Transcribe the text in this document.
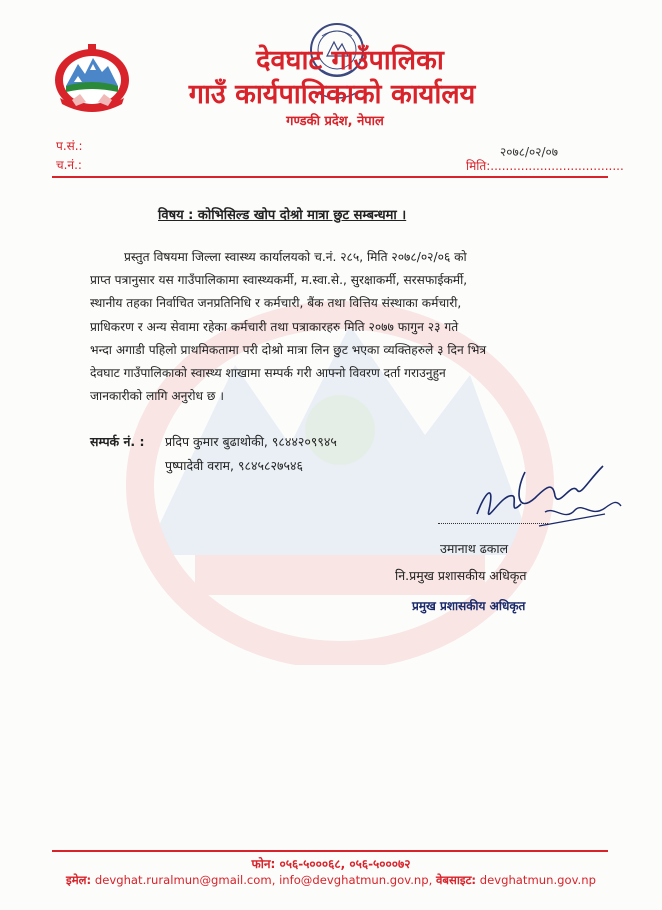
देवघाट गाउँपालिका
गाउँ कार्यपालिकाको कार्यालय
गण्डकी प्रदेश, नेपाल
प.सं.:
च.नं.:
२०७८/०२/०७
मिति:...................................
विषय : कोभिसिल्ड खोप दोश्रो मात्रा छुट सम्बन्धमा ।
प्रस्तुत विषयमा जिल्ला स्वास्थ्य कार्यालयको च.नं. २८५, मिति २०७८/०२/०६ को
प्राप्त पत्रानुसार यस गाउँपालिकामा स्वास्थ्यकर्मी, म.स्वा.से., सुरक्षाकर्मी, सरसफाईकर्मी,
स्थानीय तहका निर्वाचित जनप्रतिनिधि र कर्मचारी, बैंक तथा वित्तिय संस्थाका कर्मचारी,
प्राधिकरण र अन्य सेवामा रहेका कर्मचारी तथा पत्राकारहरु मिति २०७७ फागुन २३ गते
भन्दा अगाडी पहिलो प्राथमिकतामा परी दोश्रो मात्रा लिन छुट भएका व्यक्तिहरुले ३ दिन भित्र
देवघाट गाउँपालिकाको स्वास्थ्य शाखामा सम्पर्क गरी आफ्नो विवरण दर्ता गराउनुहुन
जानकारीको लागि अनुरोध छ ।
सम्पर्क नं. : प्रदिप कुमार बुढाथोकी, ९८४४२०९९४५
पुष्पादेवी वराम, ९८४५८२७५४६
उमानाथ ढकाल
नि.प्रमुख प्रशासकीय अधिकृत
प्रमुख प्रशासकीय अधिकृत
फोन: ०५६-५०००६८, ०५६-५०००७२
इमेल: devghat.ruralmun@gmail.com, info@devghatmun.gov.np, वेबसाइट: devghatmun.gov.np
